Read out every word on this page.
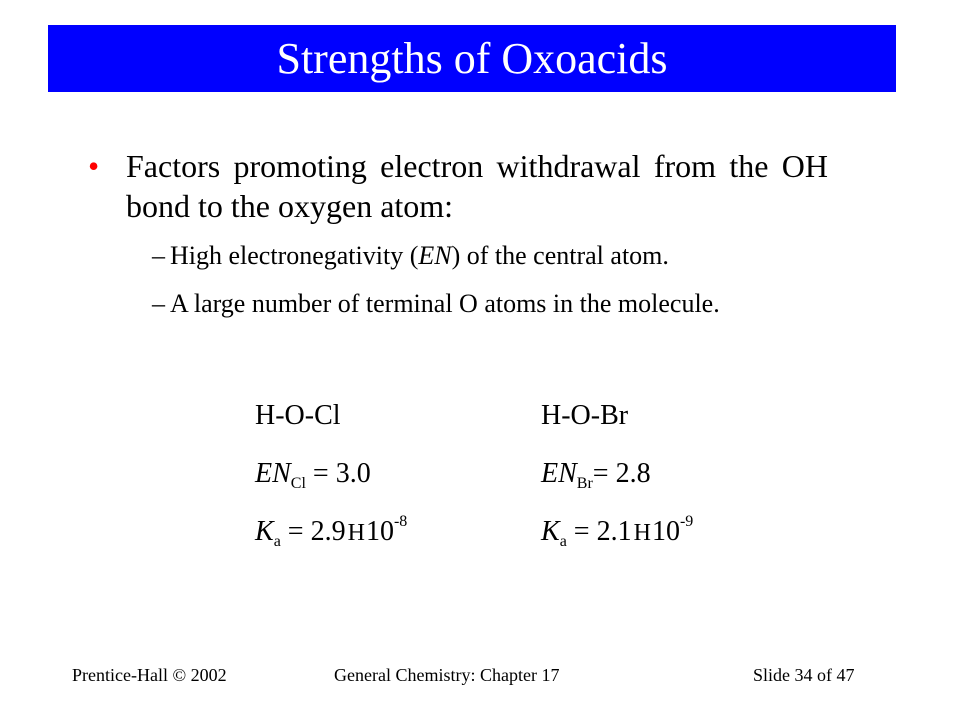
Strengths of Oxoacids
• Factors promoting electron withdrawal from the OH bond to the oxygen atom:
– High electronegativity (EN) of the central atom.
– A large number of terminal O atoms in the molecule.
H-O-Cl
$EN_{Cl} = 3.0$
$K_a = 2.9H10^{-8}$
H-O-Br
$EN_{Br}= 2.8$
$K_a = 2.1H10^{-9}$
Prentice-Hall © 2002	General Chemistry: Chapter 17	Slide 34 of 47
